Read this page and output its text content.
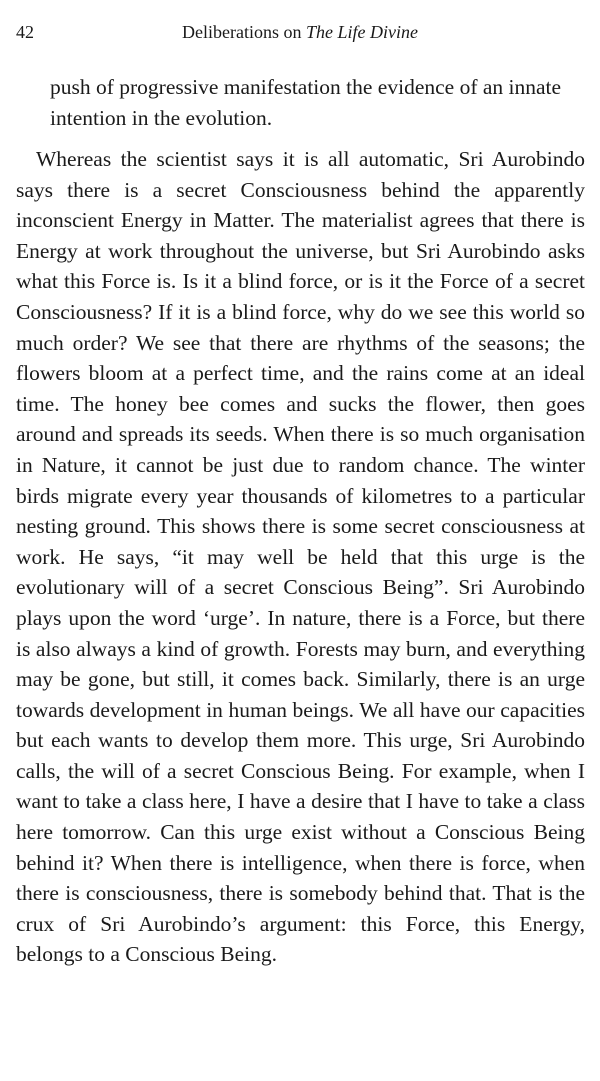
42	Deliberations on The Life Divine

push of progressive manifestation the evidence of an innate intention in the evolution.

Whereas the scientist says it is all automatic, Sri Aurobindo says there is a secret Consciousness behind the apparently inconscient Energy in Matter. The materialist agrees that there is Energy at work throughout the universe, but Sri Aurobindo asks what this Force is. Is it a blind force, or is it the Force of a secret Consciousness? If it is a blind force, why do we see this world so much order? We see that there are rhythms of the seasons; the flowers bloom at a perfect time, and the rains come at an ideal time. The honey bee comes and sucks the flower, then goes around and spreads its seeds. When there is so much organisation in Nature, it cannot be just due to random chance. The winter birds migrate every year thousands of kilometres to a particular nesting ground. This shows there is some secret consciousness at work. He says, “it may well be held that this urge is the evolutionary will of a secret Conscious Being”. Sri Aurobindo plays upon the word ‘urge’. In nature, there is a Force, but there is also always a kind of growth. Forests may burn, and everything may be gone, but still, it comes back. Similarly, there is an urge towards development in human beings. We all have our capacities but each wants to develop them more. This urge, Sri Aurobindo calls, the will of a secret Conscious Being. For example, when I want to take a class here, I have a desire that I have to take a class here tomorrow. Can this urge exist without a Conscious Being behind it? When there is intelligence, when there is force, when there is consciousness, there is somebody behind that. That is the crux of Sri Aurobindo’s argument: this Force, this Energy, belongs to a Conscious Being.
